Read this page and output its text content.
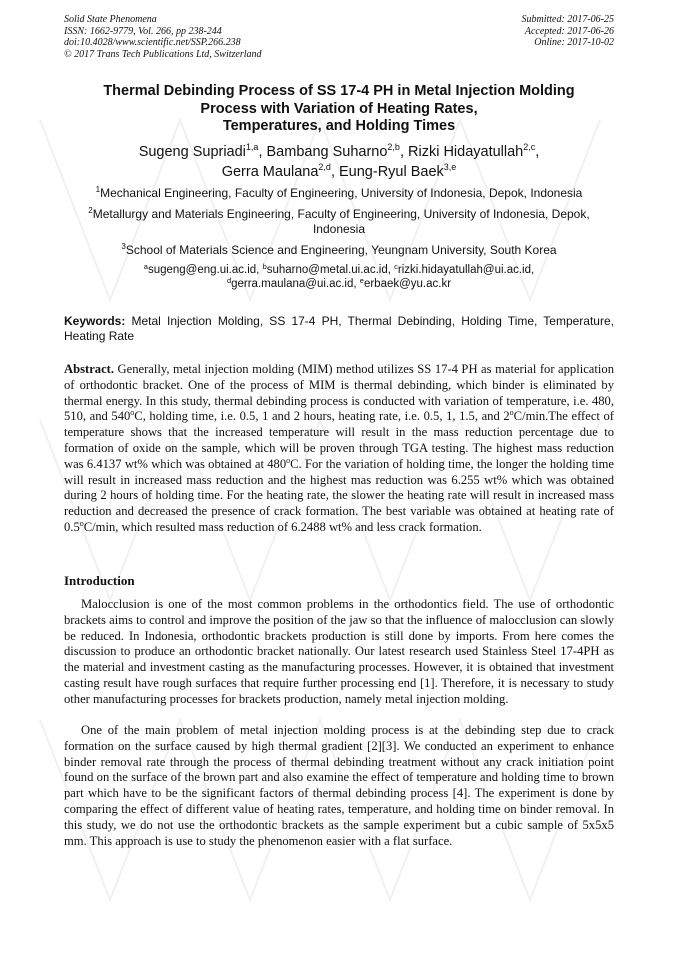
Solid State Phenomena
ISSN: 1662-9779, Vol. 266, pp 238-244
doi:10.4028/www.scientific.net/SSP.266.238
© 2017 Trans Tech Publications Ltd, Switzerland
Submitted: 2017-06-25
Accepted: 2017-06-26
Online: 2017-10-02
Thermal Debinding Process of SS 17-4 PH in Metal Injection Molding
Process with Variation of Heating Rates,
Temperatures, and Holding Times
Sugeng Supriadi$^{1,a}$, Bambang Suharno$^{2,b}$, Rizki Hidayatullah$^{2,c}$,
Gerra Maulana$^{2,d}$, Eung-Ryul Baek$^{3,e}$
$^1$Mechanical Engineering, Faculty of Engineering, University of Indonesia, Depok, Indonesia
$^2$Metallurgy and Materials Engineering, Faculty of Engineering, University of Indonesia, Depok, Indonesia
$^3$School of Materials Science and Engineering, Yeungnam University, South Korea
$^a$sugeng@eng.ui.ac.id, $^b$suharno@metal.ui.ac.id, $^c$rizki.hidayatullah@ui.ac.id,
$^d$gerra.maulana@ui.ac.id, $^e$erbaek@yu.ac.kr
Keywords: Metal Injection Molding, SS 17-4 PH, Thermal Debinding, Holding Time, Temperature, Heating Rate
Abstract. Generally, metal injection molding (MIM) method utilizes SS 17-4 PH as material for application of orthodontic bracket. One of the process of MIM is thermal debinding, which binder is eliminated by thermal energy. In this study, thermal debinding process is conducted with variation of temperature, i.e. 480, 510, and 540$^o$C, holding time, i.e. 0.5, 1 and 2 hours, heating rate, i.e. 0.5, 1, 1.5, and 2$^o$C/min.The effect of temperature shows that the increased temperature will result in the mass reduction percentage due to formation of oxide on the sample, which will be proven through TGA testing. The highest mass reduction was 6.4137 wt% which was obtained at 480$^o$C. For the variation of holding time, the longer the holding time will result in increased mass reduction and the highest mas reduction was 6.255 wt% which was obtained during 2 hours of holding time. For the heating rate, the slower the heating rate will result in increased mass reduction and decreased the presence of crack formation. The best variable was obtained at heating rate of 0.5$^o$C/min, which resulted mass reduction of 6.2488 wt% and less crack formation.
Introduction
Malocclusion is one of the most common problems in the orthodontics field. The use of orthodontic brackets aims to control and improve the position of the jaw so that the influence of malocclusion can slowly be reduced. In Indonesia, orthodontic brackets production is still done by imports. From here comes the discussion to produce an orthodontic bracket nationally. Our latest research used Stainless Steel 17-4PH as the material and investment casting as the manufacturing processes. However, it is obtained that investment casting result have rough surfaces that require further processing end [1]. Therefore, it is necessary to study other manufacturing processes for brackets production, namely metal injection molding.
One of the main problem of metal injection molding process is at the debinding step due to crack formation on the surface caused by high thermal gradient [2][3]. We conducted an experiment to enhance binder removal rate through the process of thermal debinding treatment without any crack initiation point found on the surface of the brown part and also examine the effect of temperature and holding time to brown part which have to be the significant factors of thermal debinding process [4]. The experiment is done by comparing the effect of different value of heating rates, temperature, and holding time on binder removal. In this study, we do not use the orthodontic brackets as the sample experiment but a cubic sample of 5x5x5 mm. This approach is use to study the phenomenon easier with a flat surface.
